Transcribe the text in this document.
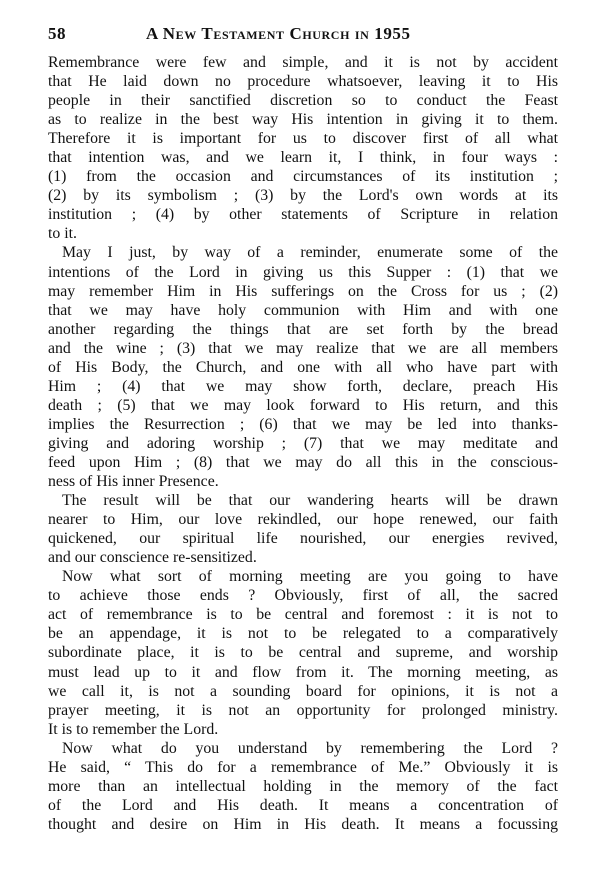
58	A New Testament Church in 1955
Remembrance were few and simple, and it is not by accident
that He laid down no procedure whatsoever, leaving it to His
people in their sanctified discretion so to conduct the Feast
as to realize in the best way His intention in giving it to them.
Therefore it is important for us to discover first of all what
that intention was, and we learn it, I think, in four ways :
(1) from the occasion and circumstances of its institution ;
(2) by its symbolism ; (3) by the Lord's own words at its
institution ; (4) by other statements of Scripture in relation
to it.
May I just, by way of a reminder, enumerate some of the
intentions of the Lord in giving us this Supper : (1) that we
may remember Him in His sufferings on the Cross for us ; (2)
that we may have holy communion with Him and with one
another regarding the things that are set forth by the bread
and the wine ; (3) that we may realize that we are all members
of His Body, the Church, and one with all who have part with
Him ; (4) that we may show forth, declare, preach His
death ; (5) that we may look forward to His return, and this
implies the Resurrection ; (6) that we may be led into thanks-
giving and adoring worship ; (7) that we may meditate and
feed upon Him ; (8) that we may do all this in the conscious-
ness of His inner Presence.
The result will be that our wandering hearts will be drawn
nearer to Him, our love rekindled, our hope renewed, our faith
quickened, our spiritual life nourished, our energies revived,
and our conscience re-sensitized.
Now what sort of morning meeting are you going to have
to achieve those ends ? Obviously, first of all, the sacred
act of remembrance is to be central and foremost : it is not to
be an appendage, it is not to be relegated to a comparatively
subordinate place, it is to be central and supreme, and worship
must lead up to it and flow from it. The morning meeting, as
we call it, is not a sounding board for opinions, it is not a
prayer meeting, it is not an opportunity for prolonged ministry.
It is to remember the Lord.
Now what do you understand by remembering the Lord ?
He said, “ This do for a remembrance of Me.” Obviously it is
more than an intellectual holding in the memory of the fact
of the Lord and His death. It means a concentration of
thought and desire on Him in His death. It means a focussing
